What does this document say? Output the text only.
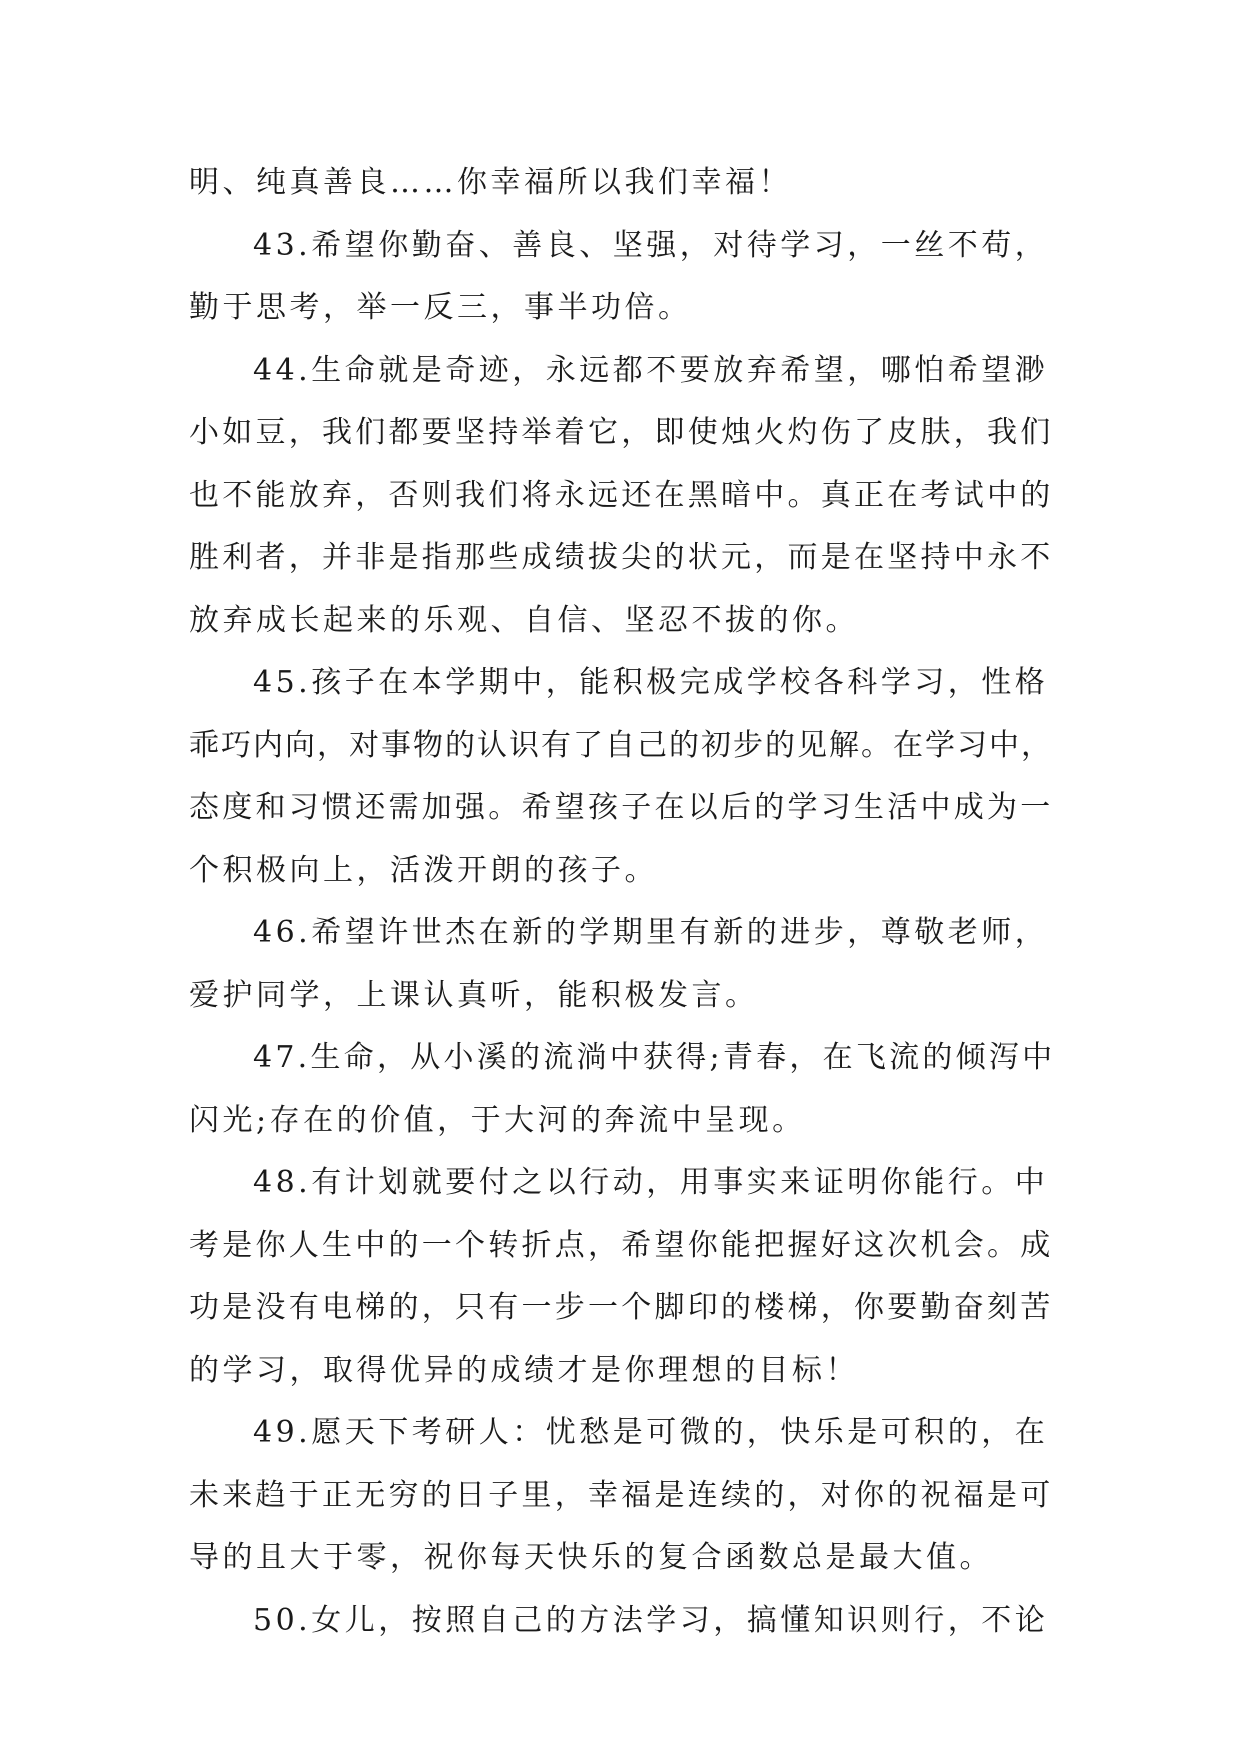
明、纯真善良……你幸福所以我们幸福！
43.希望你勤奋、善良、坚强，对待学习，一丝不苟，
勤于思考，举一反三，事半功倍。
44.生命就是奇迹，永远都不要放弃希望，哪怕希望渺
小如豆，我们都要坚持举着它，即使烛火灼伤了皮肤，我们
也不能放弃，否则我们将永远还在黑暗中。真正在考试中的
胜利者，并非是指那些成绩拔尖的状元，而是在坚持中永不
放弃成长起来的乐观、自信、坚忍不拔的你。
45.孩子在本学期中，能积极完成学校各科学习，性格
乖巧内向，对事物的认识有了自己的初步的见解。在学习中，
态度和习惯还需加强。希望孩子在以后的学习生活中成为一
个积极向上，活泼开朗的孩子。
46.希望许世杰在新的学期里有新的进步，尊敬老师，
爱护同学，上课认真听，能积极发言。
47.生命，从小溪的流淌中获得;青春，在飞流的倾泻中
闪光;存在的价值，于大河的奔流中呈现。
48.有计划就要付之以行动，用事实来证明你能行。中
考是你人生中的一个转折点，希望你能把握好这次机会。成
功是没有电梯的，只有一步一个脚印的楼梯，你要勤奋刻苦
的学习，取得优异的成绩才是你理想的目标！
49.愿天下考研人：忧愁是可微的，快乐是可积的，在
未来趋于正无穷的日子里，幸福是连续的，对你的祝福是可
导的且大于零，祝你每天快乐的复合函数总是最大值。
50.女儿，按照自己的方法学习，搞懂知识则行，不论
